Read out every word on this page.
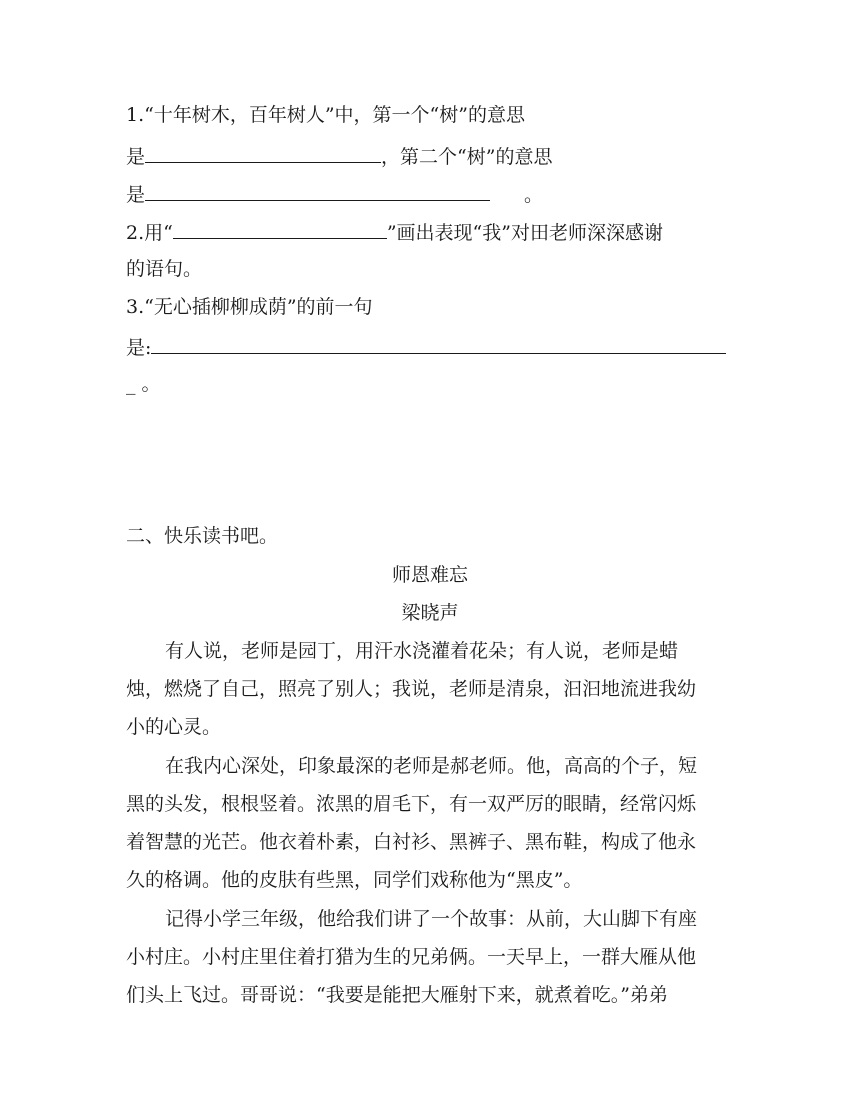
1.“十年树木，百年树人”中，第一个“树”的意思
是	，第二个“树”的意思
是	。
2.用“	”画出表现“我”对田老师深深感谢
的语句。
3.“无心插柳柳成荫”的前一句
是:
_ 。
二、快乐读书吧。
师恩难忘
梁晓声
有人说，老师是园丁，用汗水浇灌着花朵；有人说，老师是蜡
烛，燃烧了自己，照亮了别人；我说，老师是清泉，汩汩地流进我幼
小的心灵。
在我内心深处，印象最深的老师是郝老师。他，高高的个子，短
黑的头发，根根竖着。浓黑的眉毛下，有一双严厉的眼睛，经常闪烁
着智慧的光芒。他衣着朴素，白衬衫、黑裤子、黑布鞋，构成了他永
久的格调。他的皮肤有些黑，同学们戏称他为“黑皮”。
记得小学三年级，他给我们讲了一个故事：从前，大山脚下有座
小村庄。小村庄里住着打猎为生的兄弟俩。一天早上，一群大雁从他
们头上飞过。哥哥说：“我要是能把大雁射下来，就煮着吃。”弟弟
